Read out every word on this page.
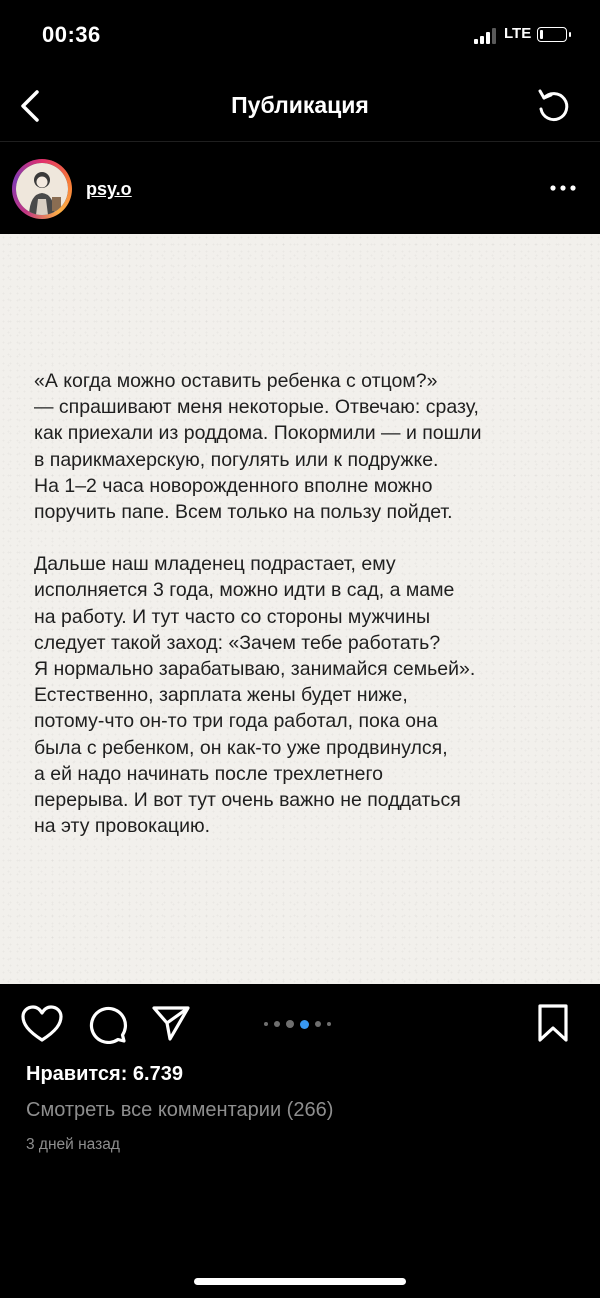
00:36	LTE
Публикация
psy.o

«А когда можно оставить ребенка с отцом?»
— спрашивают меня некоторые. Отвечаю: сразу,
как приехали из роддома. Покормили — и пошли
в парикмахерскую, погулять или к подружке.
На 1–2 часа новорожденного вполне можно
поручить папе. Всем только на пользу пойдет.

Дальше наш младенец подрастает, ему
исполняется 3 года, можно идти в сад, а маме
на работу. И тут часто со стороны мужчины
следует такой заход: «Зачем тебе работать?
Я нормально зарабатываю, занимайся семьей».
Естественно, зарплата жены будет ниже,
потому-что он-то три года работал, пока она
была с ребенком, он как-то уже продвинулся,
а ей надо начинать после трехлетнего
перерыва. И вот тут очень важно не поддаться
на эту провокацию.

Нравится: 6.739
Смотреть все комментарии (266)
3 дней назад
